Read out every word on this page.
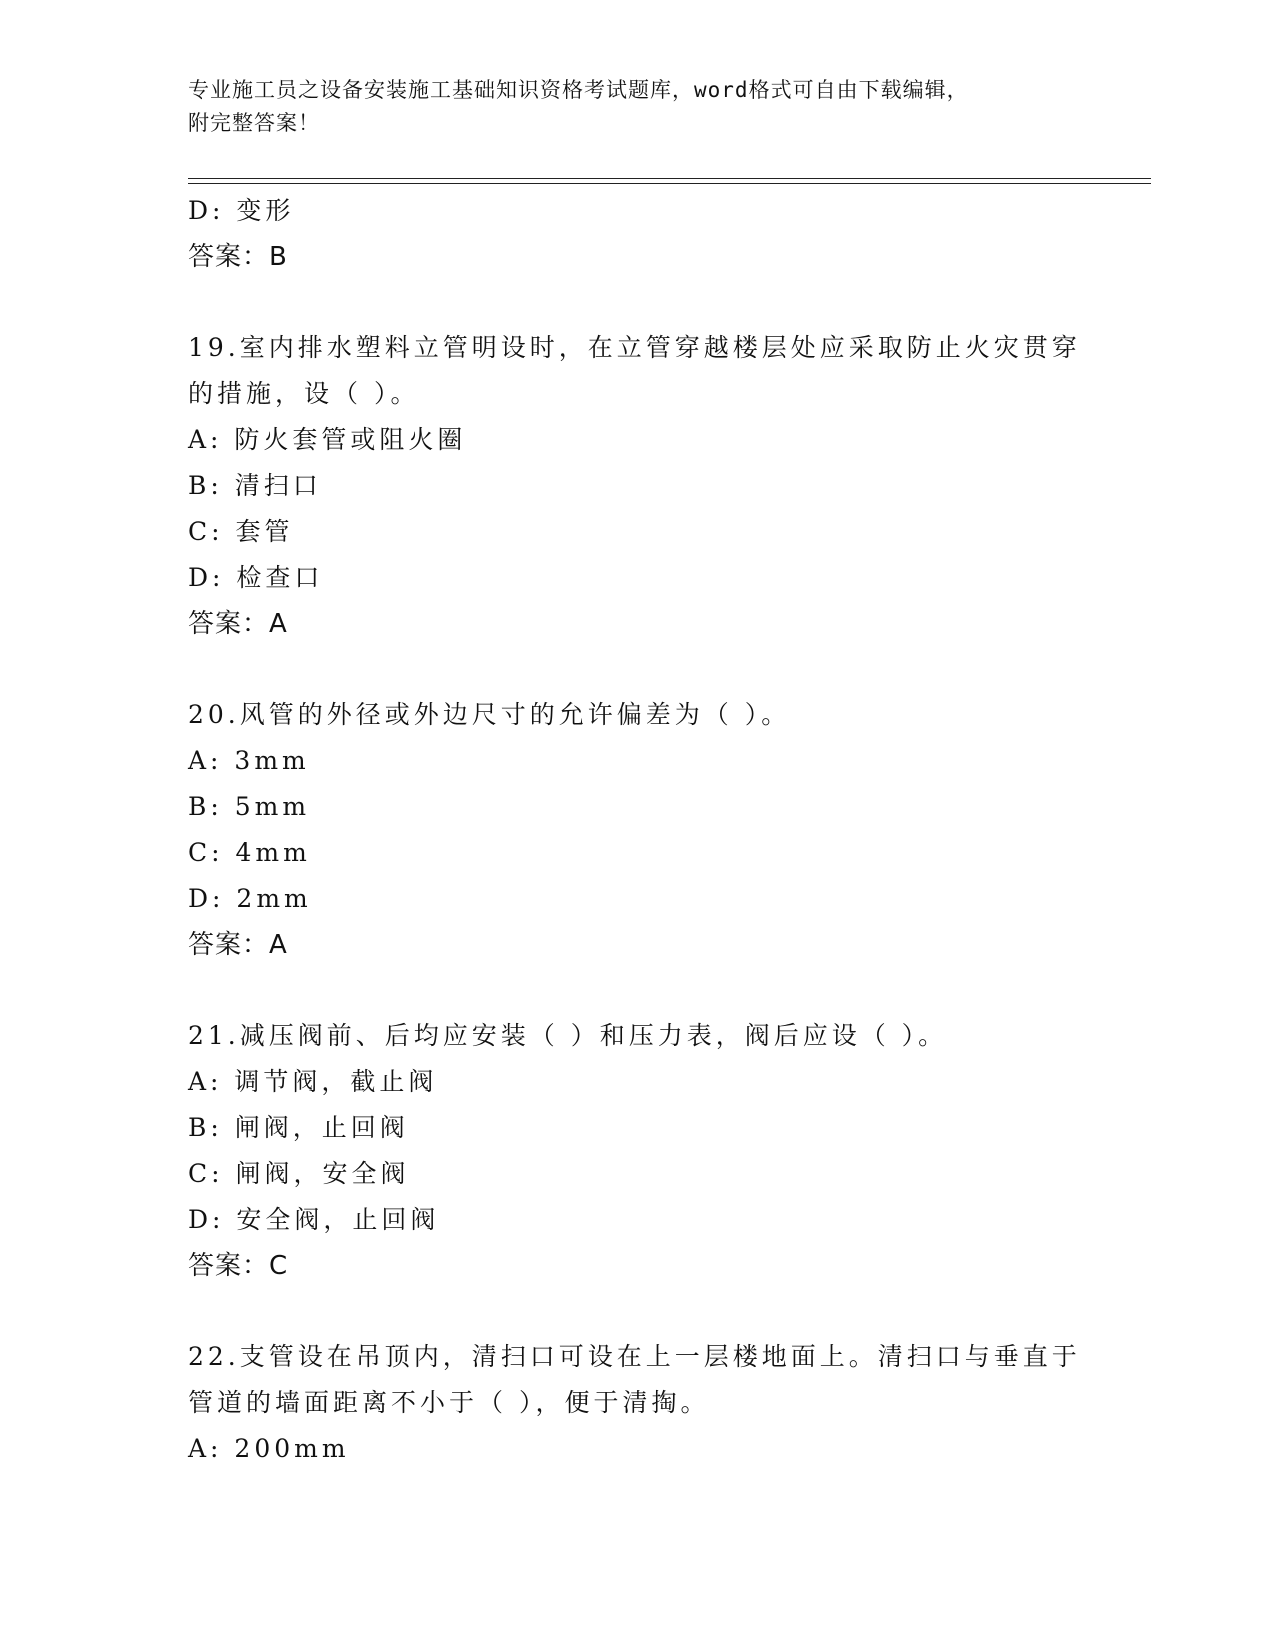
专业施工员之设备安装施工基础知识资格考试题库，word格式可自由下载编辑，
附完整答案！
D: 变形
答案：B
19.室内排水塑料立管明设时，在立管穿越楼层处应采取防止火灾贯穿
的措施，设（ ）。
A: 防火套管或阻火圈
B: 清扫口
C: 套管
D: 检查口
答案：A
20.风管的外径或外边尺寸的允许偏差为（ ）。
A: 3mm
B: 5mm
C: 4mm
D: 2mm
答案：A
21.减压阀前、后均应安装（ ）和压力表，阀后应设（ ）。
A: 调节阀，截止阀
B: 闸阀，止回阀
C: 闸阀，安全阀
D: 安全阀，止回阀
答案：C
22.支管设在吊顶内，清扫口可设在上一层楼地面上。清扫口与垂直于
管道的墙面距离不小于（ ），便于清掏。
A: 200mm
